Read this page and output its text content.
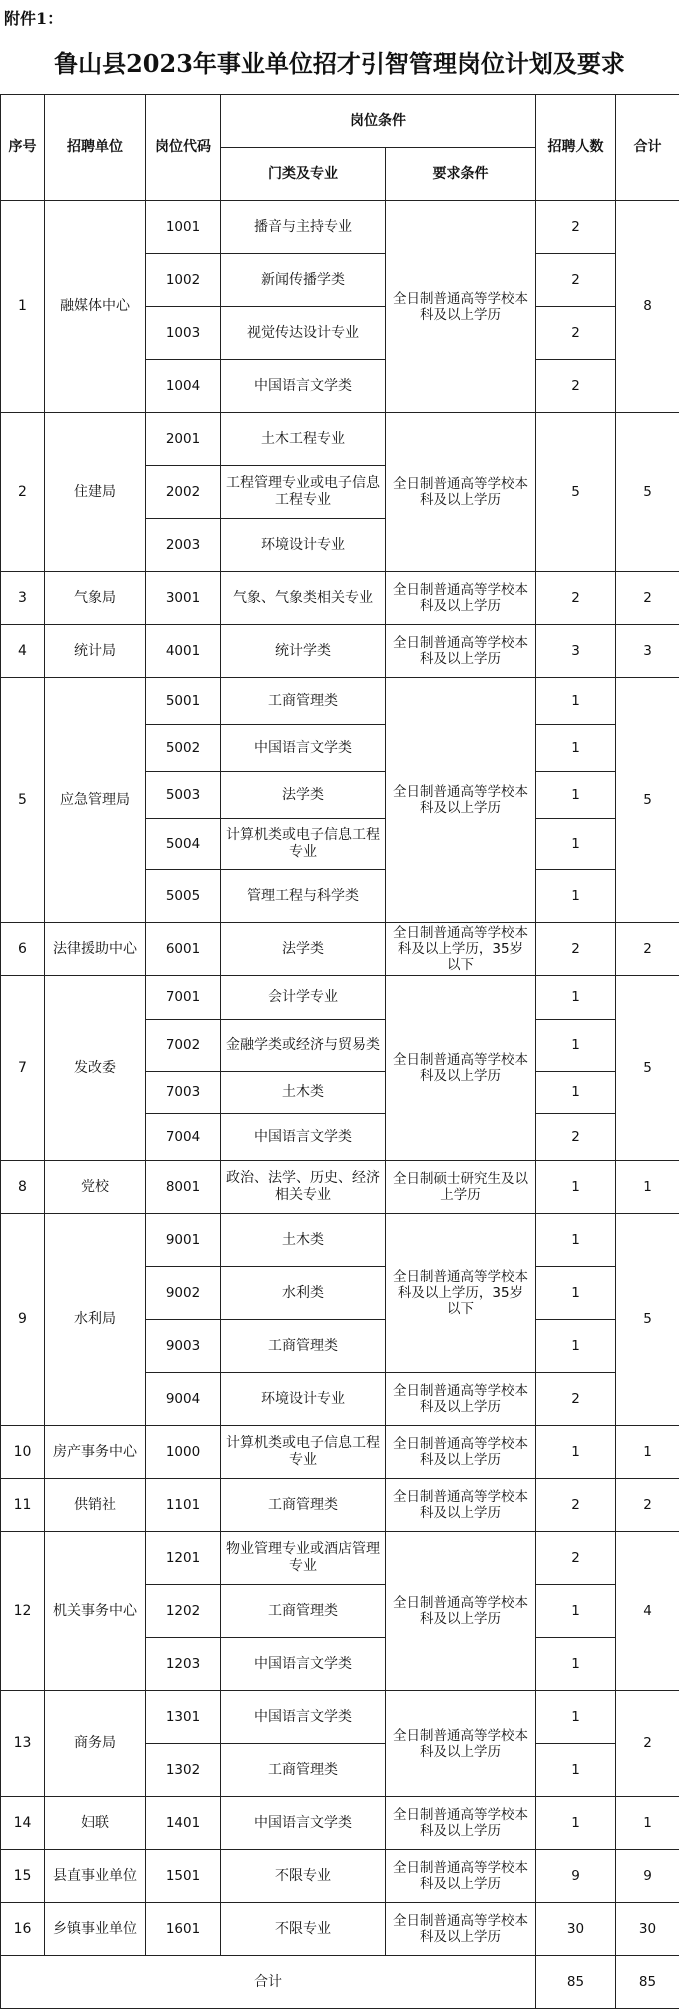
附件1：
鲁山县2023年事业单位招才引智管理岗位计划及要求
序号	招聘单位	岗位代码	岗位条件		招聘人数	合计
			门类及专业	要求条件		
1	融媒体中心	1001	播音与主持专业	全日制普通高等学校本科及以上学历	2	8
		1002	新闻传播学类		2	
		1003	视觉传达设计专业		2	
		1004	中国语言文学类		2	
2	住建局	2001	土木工程专业	全日制普通高等学校本科及以上学历	5	5
		2002	工程管理专业或电子信息工程专业			
		2003	环境设计专业			
3	气象局	3001	气象、气象类相关专业	全日制普通高等学校本科及以上学历	2	2
4	统计局	4001	统计学类	全日制普通高等学校本科及以上学历	3	3
5	应急管理局	5001	工商管理类	全日制普通高等学校本科及以上学历	1	5
		5002	中国语言文学类		1	
		5003	法学类		1	
		5004	计算机类或电子信息工程专业		1	
		5005	管理工程与科学类		1	
6	法律援助中心	6001	法学类	全日制普通高等学校本科及以上学历，35岁以下	2	2
7	发改委	7001	会计学专业	全日制普通高等学校本科及以上学历	1	5
		7002	金融学类或经济与贸易类		1	
		7003	土木类		1	
		7004	中国语言文学类		2	
8	党校	8001	政治、法学、历史、经济相关专业	全日制硕士研究生及以上学历	1	1
9	水利局	9001	土木类	全日制普通高等学校本科及以上学历，35岁以下	1	5
		9002	水利类		1	
		9003	工商管理类		1	
		9004	环境设计专业	全日制普通高等学校本科及以上学历	2	
10	房产事务中心	1000	计算机类或电子信息工程专业	全日制普通高等学校本科及以上学历	1	1
11	供销社	1101	工商管理类	全日制普通高等学校本科及以上学历	2	2
12	机关事务中心	1201	物业管理专业或酒店管理专业	全日制普通高等学校本科及以上学历	2	4
		1202	工商管理类		1	
		1203	中国语言文学类		1	
13	商务局	1301	中国语言文学类	全日制普通高等学校本科及以上学历	1	2
		1302	工商管理类		1	
14	妇联	1401	中国语言文学类	全日制普通高等学校本科及以上学历	1	1
15	县直事业单位	1501	不限专业	全日制普通高等学校本科及以上学历	9	9
16	乡镇事业单位	1601	不限专业	全日制普通高等学校本科及以上学历	30	30
合计					85	85
